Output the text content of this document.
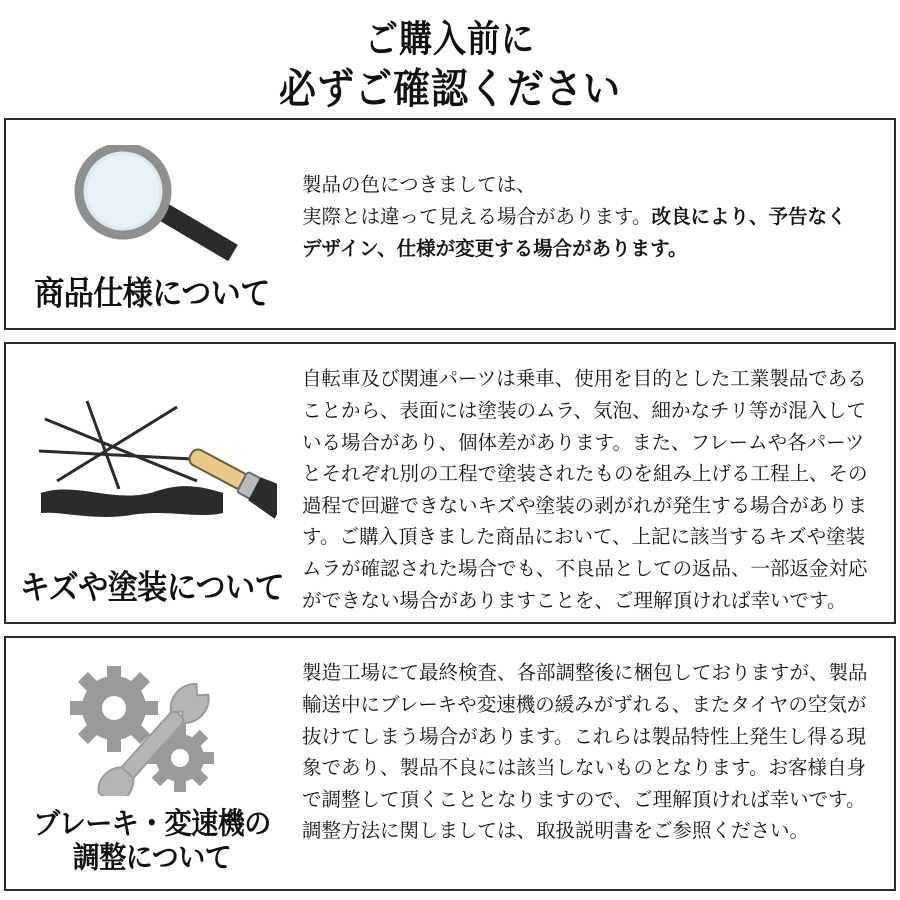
ご購入前に
必ずご確認ください
商品仕様について

製品の色につきましては、

実際とは違って見える場合があります。改良により、予告なく

デザイン、仕様が変更する場合があります。

キズや塗装について

自転車及び関連パーツは乗車、使用を目的とした工業製品であることから、表面には塗装のムラ、気泡、細かなチリ等が混入している場合があり、個体差があります。また、フレームや各パーツとそれぞれ別の工程で塗装されたものを組み上げる工程上、その過程で回避できないキズや塗装の剥がれが発生する場合があります。ご購入頂きました商品において、上記に該当するキズや塗装ムラが確認された場合でも、不良品としての返品、一部返金対応ができない場合がありますことを、ご理解頂ければ幸いです。

ブレーキ・変速機の
調整について

製造工場にて最終検査、各部調整後に梱包しておりますが、製品輸送中にブレーキや変速機の緩みがずれる、またタイヤの空気が抜けてしまう場合があります。これらは製品特性上発生し得る現象であり、製品不良には該当しないものとなります。お客様自身で調整して頂くこととなりますので、ご理解頂ければ幸いです。

調整方法に関しましては、取扱説明書をご参照ください。
